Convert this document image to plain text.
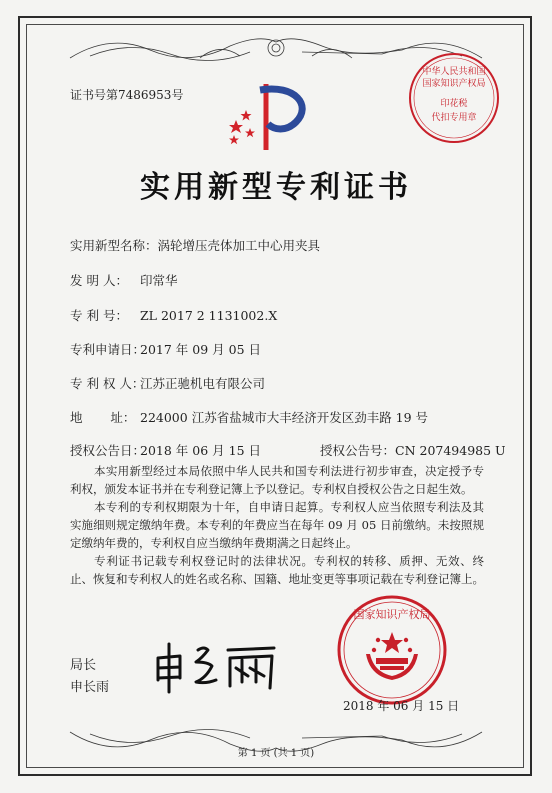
证书号第7486953号
中华人民共和国
国家知识产权局
印花税
代扣专用章
实用新型专利证书
实用新型名称：涡轮增压壳体加工中心用夹具
发 明 人： 印常华
专 利 号： ZL 2017 2 1131002.X
专利申请日：2017 年 09 月 05 日
专 利 权 人：江苏正驰机电有限公司
地       址： 224000 江苏省盐城市大丰经济开发区劲丰路 19 号
授权公告日：2018 年 06 月 15 日	授权公告号：CN 207494985 U

本实用新型经过本局依照中华人民共和国专利法进行初步审查，决定授予专利权，颁发本证书并在专利登记簿上予以登记。专利权自授权公告之日起生效。

本专利的专利权期限为十年，自申请日起算。专利权人应当依照专利法及其实施细则规定缴纳年费。本专利的年费应当在每年 09 月 05 日前缴纳。未按照规定缴纳年费的，专利权自应当缴纳年费期满之日起终止。

专利证书记载专利权登记时的法律状况。专利权的转移、质押、无效、终止、恢复和专利权人的姓名或名称、国籍、地址变更等事项记载在专利登记簿上。

局长
申长雨
国家知识产权局
2018 年 06 月 15 日
第 1 页 (共 1 页)
